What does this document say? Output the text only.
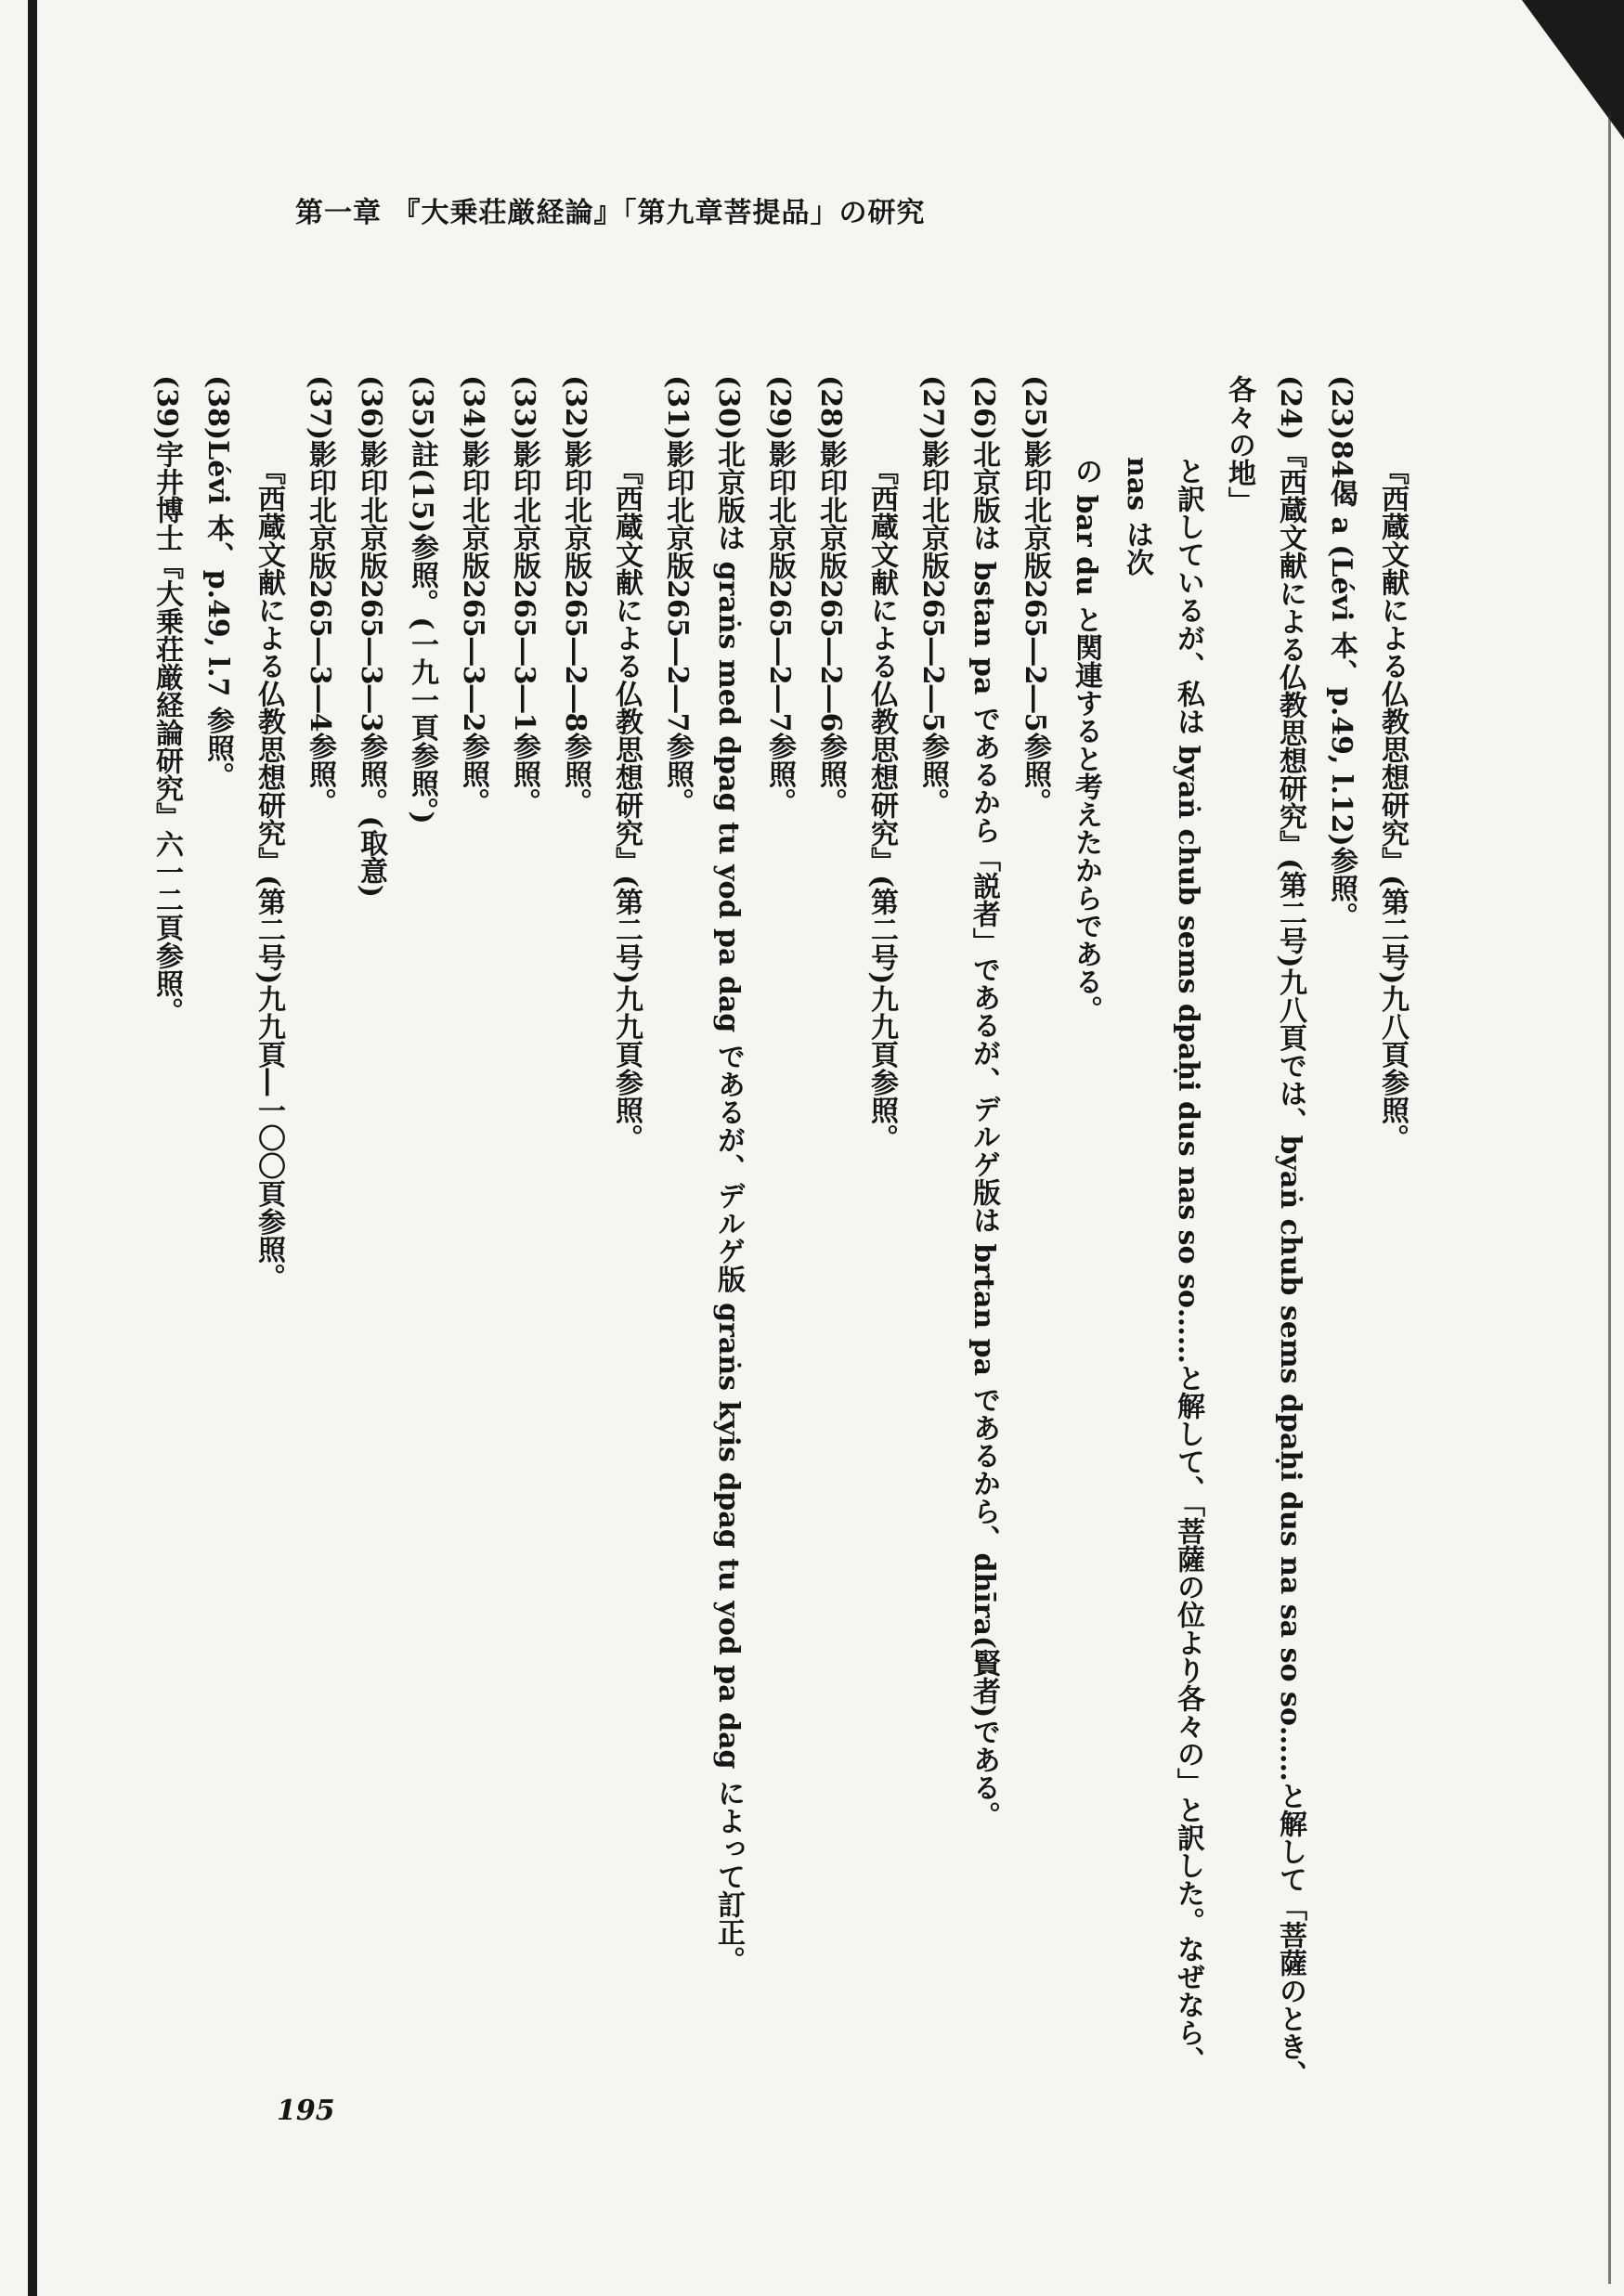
第一章 『大乗荘厳経論』「第九章菩提品」の研究

『西蔵文献による仏教思想研究』(第二号)九八頁参照。

(23)84偈 a (Lévi 本、p.49, l.12)参照。

(24)『西蔵文献による仏教思想研究』(第二号)九八頁では、byaṅ chub sems dpaḥi dus na sa so so……と解して「菩薩のとき、各々の地」

と訳しているが、私は byaṅ chub sems dpaḥi dus nas so so……と解して、「菩薩の位より各々の」と訳した。なぜなら、nas は次

の bar du と関連すると考えたからである。

(25)影印北京版265―2―5参照。

(26)北京版は bstan pa であるから「説者」であるが、デルゲ版は brtan pa であるから、dhīra(賢者)である。

(27)影印北京版265―2―5参照。

『西蔵文献による仏教思想研究』(第二号)九九頁参照。

(28)影印北京版265―2―6参照。

(29)影印北京版265―2―7参照。

(30)北京版は graṅs med dpag tu yod pa dag であるが、デルゲ版 graṅs kyis dpag tu yod pa dag によって訂正。

(31)影印北京版265―2―7参照。

『西蔵文献による仏教思想研究』(第二号)九九頁参照。

(32)影印北京版265―2―8参照。

(33)影印北京版265―3―1参照。

(34)影印北京版265―3―2参照。

(35)註(15)参照。(一九一頁参照。)

(36)影印北京版265―3―3参照。(取意)

(37)影印北京版265―3―4参照。

『西蔵文献による仏教思想研究』(第二号)九九頁―一〇〇頁参照。

(38)Lévi 本、p.49, l.7 参照。

(39)宇井博士『大乗荘厳経論研究』六一二頁参照。

195
